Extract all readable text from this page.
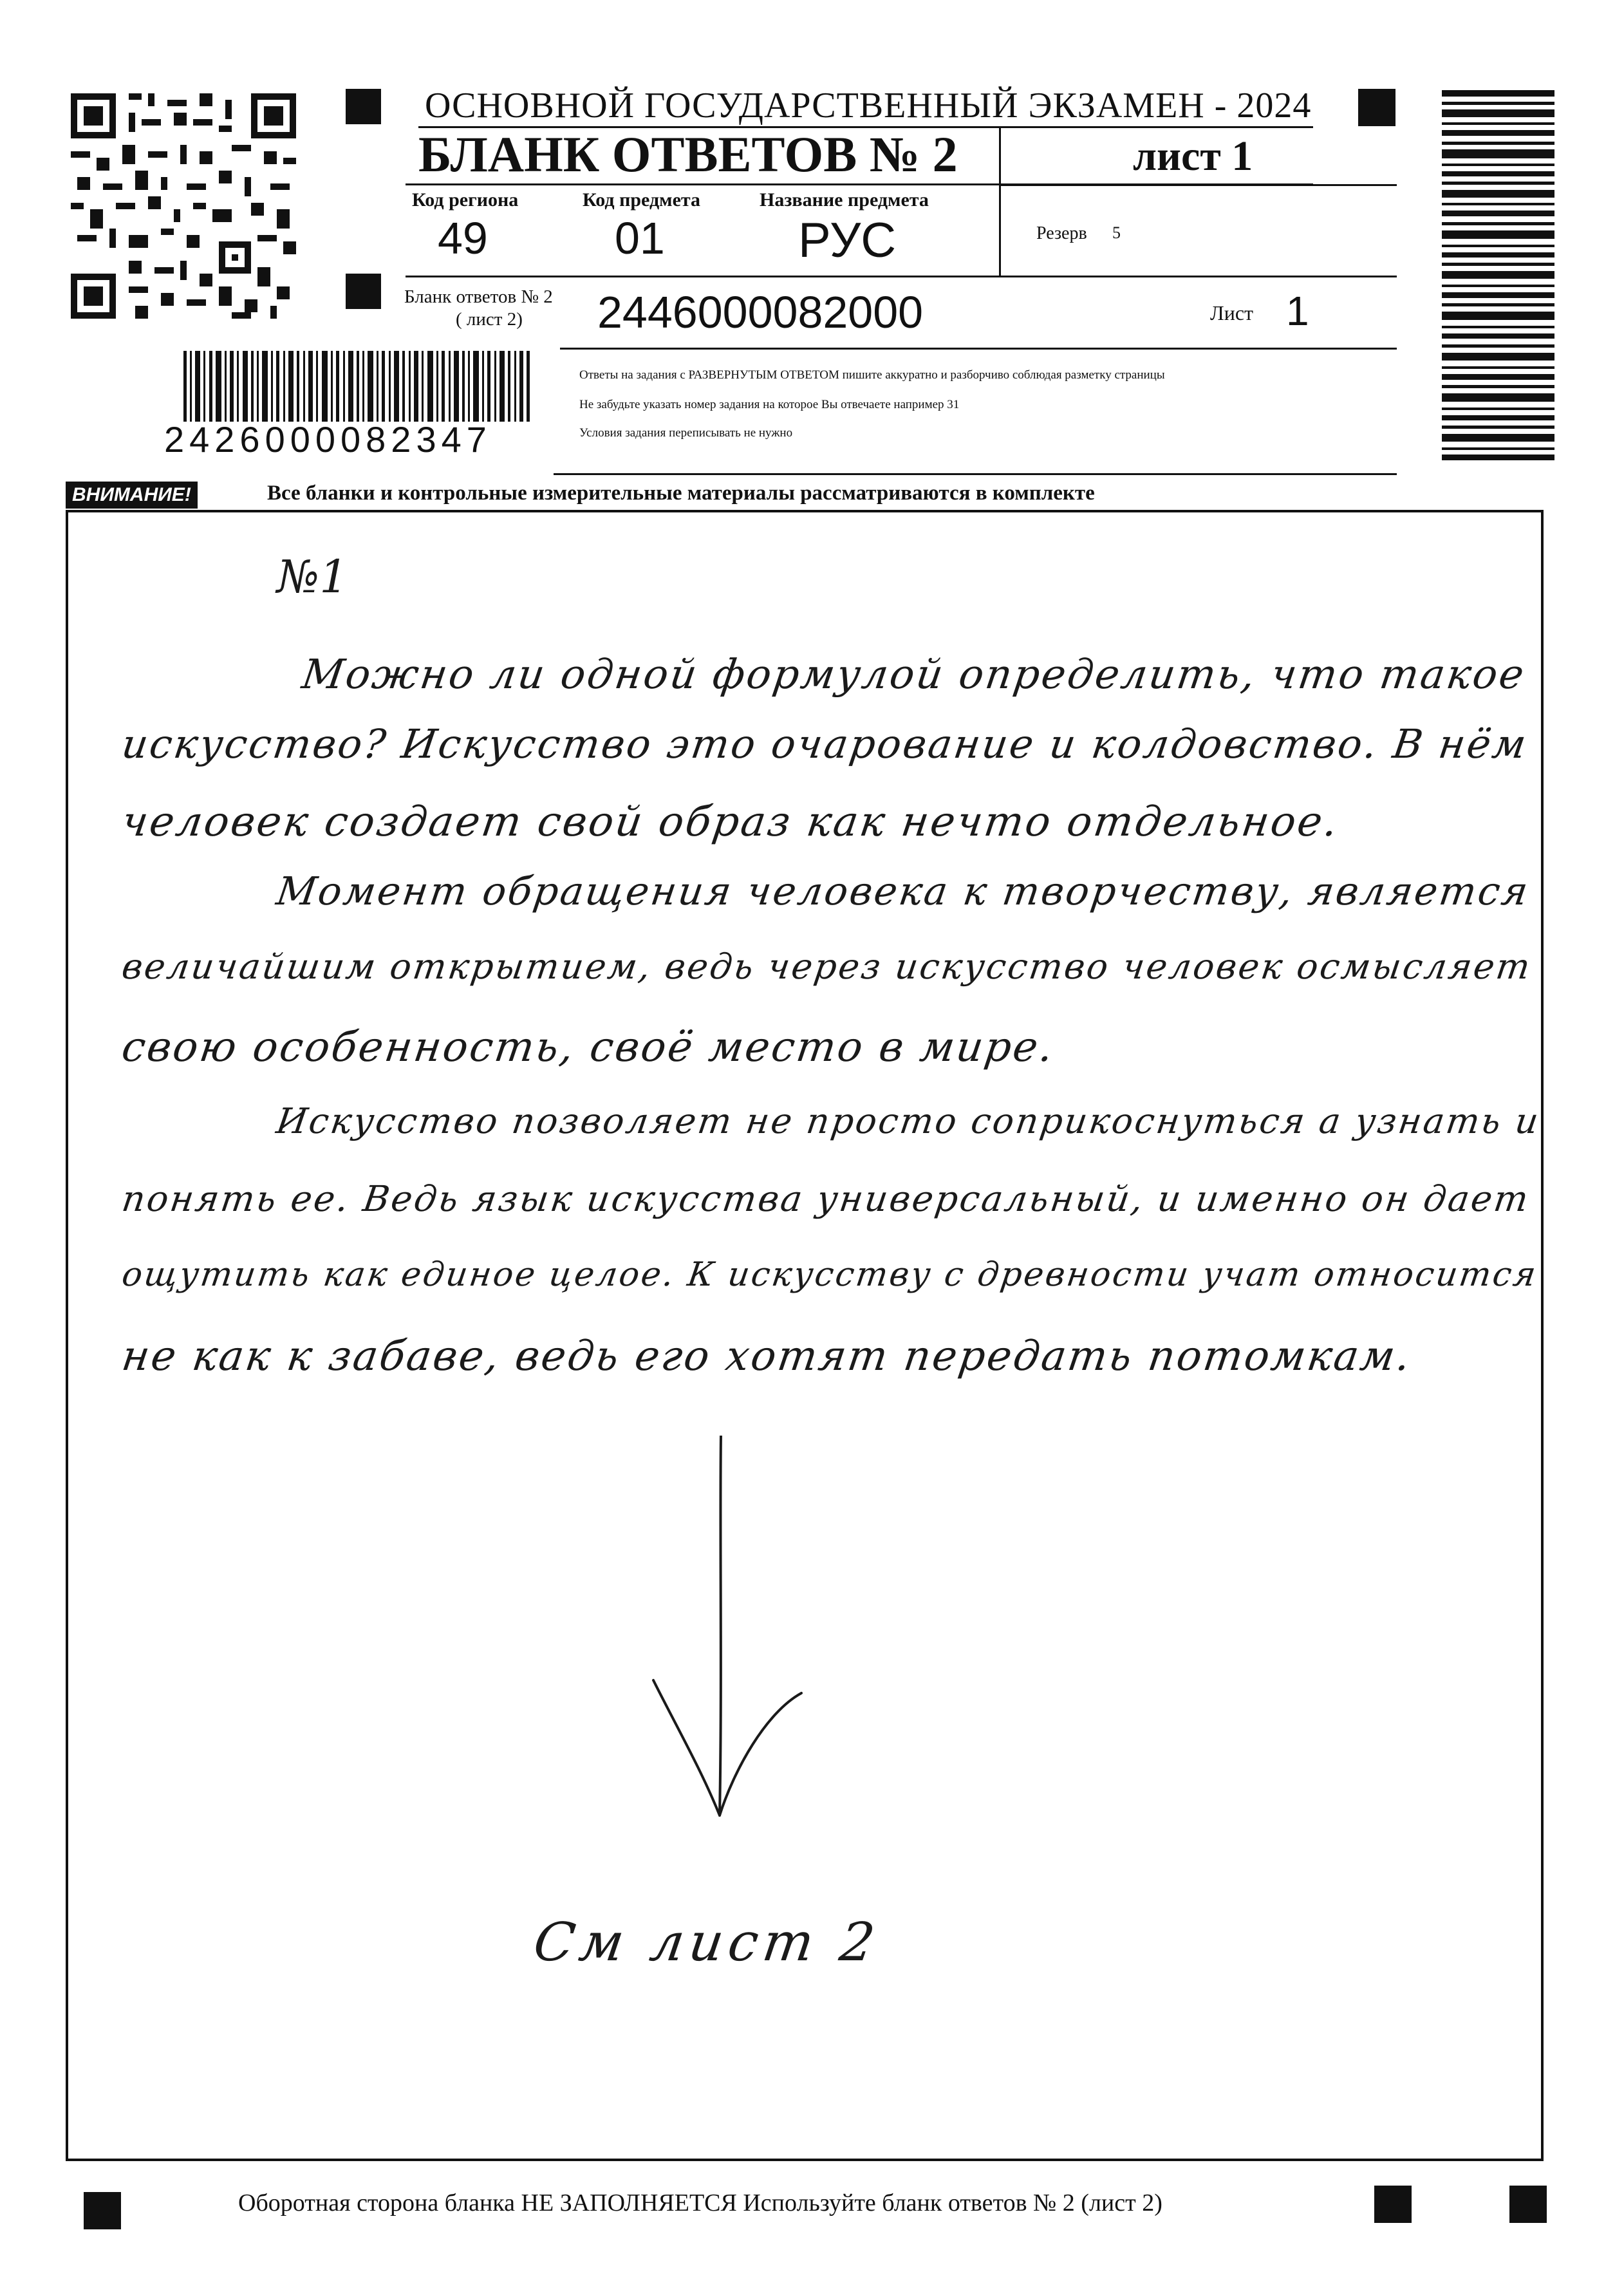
ОСНОВНОЙ ГОСУДАРСТВЕННЫЙ ЭКЗАМЕН - 2024
БЛАНК ОТВЕТОВ № 2	лист 1
Код региона
49
Код предмета
01
Название предмета
РУС	Резерв 5
Бланк ответов № 2
( лист 2) 2446000082000	Лист 1
Ответы на задания с РАЗВЕРНУТЫМ ОТВЕТОМ пишите аккуратно и разборчиво соблюдая разметку страницы
Не забудьте указать номер задания на которое Вы отвечаете например 31
Условия задания переписывать не нужно
2426000082347
ВНИМАНИЕ!	Все бланки и контрольные измерительные материалы рассматриваются в комплекте
№1
Можно ли одной формулой определить, что такое
искусство? Искусство это очарование и колдовство. В нём
человек создает свой образ как нечто отдельное.
Момент обращения человека к творчеству, является
величайшим открытием, ведь через искусство человек осмысляет
свою особенность, своё место в мире.
Искусство позволяет не просто соприкоснуться а узнать и
понять ее. Ведь язык искусства универсальный, и именно он дает
ощутить как единое целое. К искусству с древности учат относится
не как к забаве, ведь его хотят передать потомкам.
См лист 2
Оборотная сторона бланка НЕ ЗАПОЛНЯЕТСЯ Используйте бланк ответов № 2 (лист 2)
